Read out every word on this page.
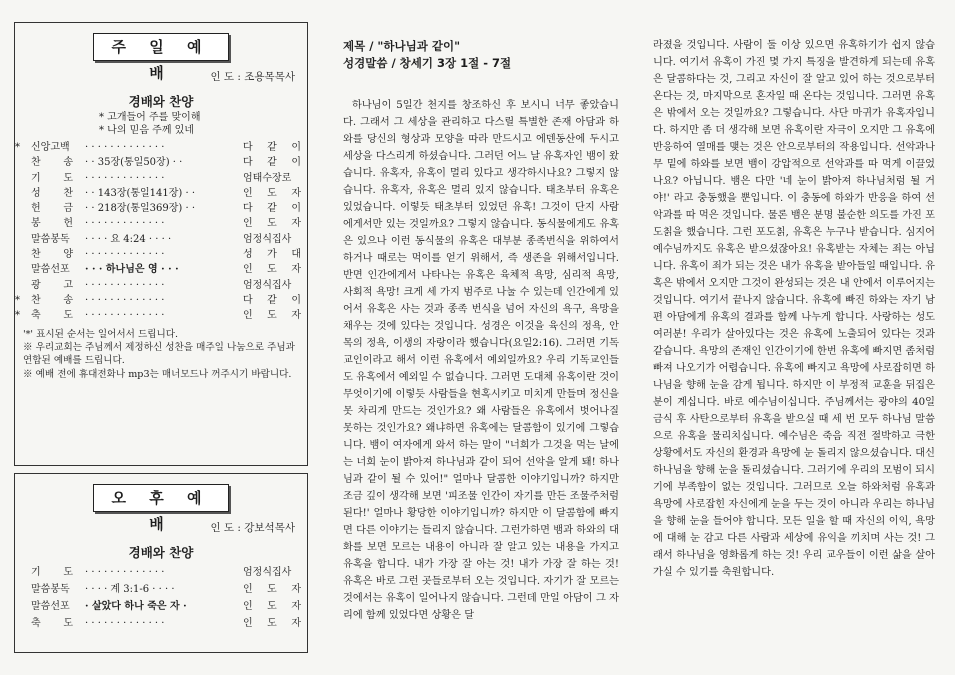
주 일 예 배	인 도 : 조용목목사
경배와 찬양
* 고개들어 주를 맞이해
* 나의 믿음 주께 있네
*	신앙고백	· · · · · · · · · · · · ·	다 같 이
찬 송	· · 35장(통일50장) · ·	다 같 이
기 도	· · · · · · · · · · · · ·	엄태수장로
성 찬	· · 143장(통일141장) · ·	인 도 자
헌 금	· · 218장(통일369장) · ·	다 같 이
봉 헌	· · · · · · · · · · · · ·	인 도 자
말씀봉독	· · · · 요 4:24 · · · ·	엄정식집사
찬 양	· · · · · · · · · · · · ·	성 가 대
말씀선포	· · · 하나님은 영 · · ·	인 도 자
광 고	· · · · · · · · · · · · ·	엄정식집사
*	찬 송	· · · · · · · · · · · · ·	다 같 이
*	축 도	· · · · · · · · · · · · ·	인 도 자
'*' 표시된 순서는 일어서서 드립니다.
※ 우리교회는 주님께서 제정하신 성찬을 매주일 나눔으로 주님과 연합된 예배를 드립니다.
※ 예배 전에 휴대전화나 mp3는 매너모드나 꺼주시기 바랍니다.
오 후 예 배	인 도 : 강보석목사
경배와 찬양
기 도	· · · · · · · · · · · · ·	엄정식집사
말씀봉독	· · · · 계 3:1-6 · · · ·	인 도 자
말씀선포	· 살았다 하나 죽은 자 ·	인 도 자
축 도	· · · · · · · · · · · · ·	인 도 자
제목 / "하나님과 같이"
성경말씀 / 창세기 3장 1절 - 7절
하나님이 5일간 천지를 창조하신 후 보시니 너무 좋았습니다. 그래서 그 세상을 관리하고 다스릴 특별한 존재 아담과 하와를 당신의 형상과 모양을 따라 만드시고 에덴동산에 두시고 세상을 다스리게 하셨습니다. 그러던 어느 날 유혹자인 뱀이 왔습니다. 유혹자, 유혹이 멀리 있다고 생각하시나요? 그렇지 않습니다. 유혹자, 유혹은 멀리 있지 않습니다. 태초부터 유혹은 있었습니다. 이렇듯 태초부터 있었던 유혹! 그것이 단지 사람에게서만 있는 것일까요? 그렇지 않습니다. 동식물에게도 유혹은 있으나 이런 동식물의 유혹은 대부분 종족번식을 위하여서 하거나 때로는 먹이를 얻기 위해서, 즉 생존을 위해서입니다. 반면 인간에게서 나타나는 유혹은 육체적 욕망, 심리적 욕망, 사회적 욕망! 크게 세 가지 범주로 나눌 수 있는데 인간에게 있어서 유혹은 사는 것과 종족 번식을 넘어 자신의 욕구, 욕망을 채우는 것에 있다는 것입니다. 성경은 이것을 육신의 정욕, 안목의 정욕, 이생의 자랑이라 했습니다(요일2:16). 그러면 기독교인이라고 해서 이런 유혹에서 예외일까요? 우리 기독교인들도 유혹에서 예외일 수 없습니다. 그러면 도대체 유혹이란 것이 무엇이기에 이렇듯 사람들을 현혹시키고 미치게 만들며 정신을 못 차리게 만드는 것인가요? 왜 사람들은 유혹에서 벗어나질 못하는 것인가요? 왜냐하면 유혹에는 달콤함이 있기에 그렇습니다. 뱀이 여자에게 와서 하는 말이 "너희가 그것을 먹는 날에는 너희 눈이 밝아져 하나님과 같이 되어 선악을 알게 돼! 하나님과 같이 될 수 있어!" 얼마나 달콤한 이야기입니까? 하지만 조금 깊이 생각해 보면 '피조물 인간이 자기를 만든 조물주처럼 된다!' 얼마나 황당한 이야기입니까? 하지만 이 달콤함에 빠지면 다른 이야기는 들리지 않습니다. 그런가하면 뱀과 하와의 대화를 보면 모르는 내용이 아니라 잘 알고 있는 내용을 가지고 유혹을 합니다. 내가 가장 잘 아는 것! 내가 가장 잘 하는 것! 유혹은 바로 그런 곳들로부터 오는 것입니다. 자기가 잘 모르는 것에서는 유혹이 일어나지 않습니다. 그런데 만일 아담이 그 자리에 함께 있었다면 상황은 달
라졌을 것입니다. 사람이 둘 이상 있으면 유혹하기가 쉽지 않습니다. 여기서 유혹이 가진 몇 가지 특징을 발견하게 되는데 유혹은 달콤하다는 것, 그리고 자신이 잘 알고 있어 하는 것으로부터 온다는 것, 마지막으로 혼자일 때 온다는 것입니다. 그러면 유혹은 밖에서 오는 것일까요? 그렇습니다. 사단 마귀가 유혹자입니다. 하지만 좀 더 생각해 보면 유혹이란 자극이 오지만 그 유혹에 반응하여 열매를 맺는 것은 안으로부터의 작용입니다. 선악과나무 밑에 하와를 보면 뱀이 강압적으로 선악과를 따 먹게 이끌었나요? 아닙니다. 뱀은 다만 '네 눈이 밝아져 하나님처럼 될 거야!' 라고 충동했을 뿐입니다. 이 충동에 하와가 반응을 하여 선악과를 따 먹은 것입니다. 물론 뱀은 분명 불순한 의도를 가진 포도칡을 했습니다. 그런 포도칡, 유혹은 누구나 받습니다. 심지어 예수님까지도 유혹은 받으셨잖아요! 유혹받는 자체는 죄는 아닙니다. 유혹이 죄가 되는 것은 내가 유혹을 받아들일 때입니다. 유혹은 밖에서 오지만 그것이 완성되는 것은 내 안에서 이루어지는 것입니다. 여기서 끝나지 않습니다. 유혹에 빠진 하와는 자기 남편 아담에게 유혹의 결과를 함께 나누게 합니다. 사랑하는 성도 여러분! 우리가 살아있다는 것은 유혹에 노출되어 있다는 것과 같습니다. 욕망의 존재인 인간이기에 한번 유혹에 빠지면 좀처럼 빠져 나오기가 어렵습니다. 유혹에 빠지고 욕망에 사로잡히면 하나님을 향해 눈을 감게 됩니다. 하지만 이 부정적 교훈을 뒤집은 분이 계십니다. 바로 예수님이십니다. 주님께서는 광야의 40일 금식 후 사탄으로부터 유혹을 받으실 때 세 번 모두 하나님 말씀으로 유혹을 물리치십니다. 예수님은 죽음 직전 절박하고 극한 상황에서도 자신의 환경과 욕망에 눈 돌리지 않으셨습니다. 대신 하나님을 향해 눈을 돌리셨습니다. 그러기에 우리의 모범이 되시기에 부족함이 없는 것입니다. 그러므로 오늘 하와처럼 유혹과 욕망에 사로잡힌 자신에게 눈을 두는 것이 아니라 우리는 하나님을 향해 눈을 들어야 합니다. 모든 일을 할 때 자신의 이익, 욕망에 대해 눈 감고 다른 사람과 세상에 유익을 끼치며 사는 것! 그래서 하나님을 영화롭게 하는 것! 우리 교우들이 이런 삶을 살아가실 수 있기를 축원합니다.
